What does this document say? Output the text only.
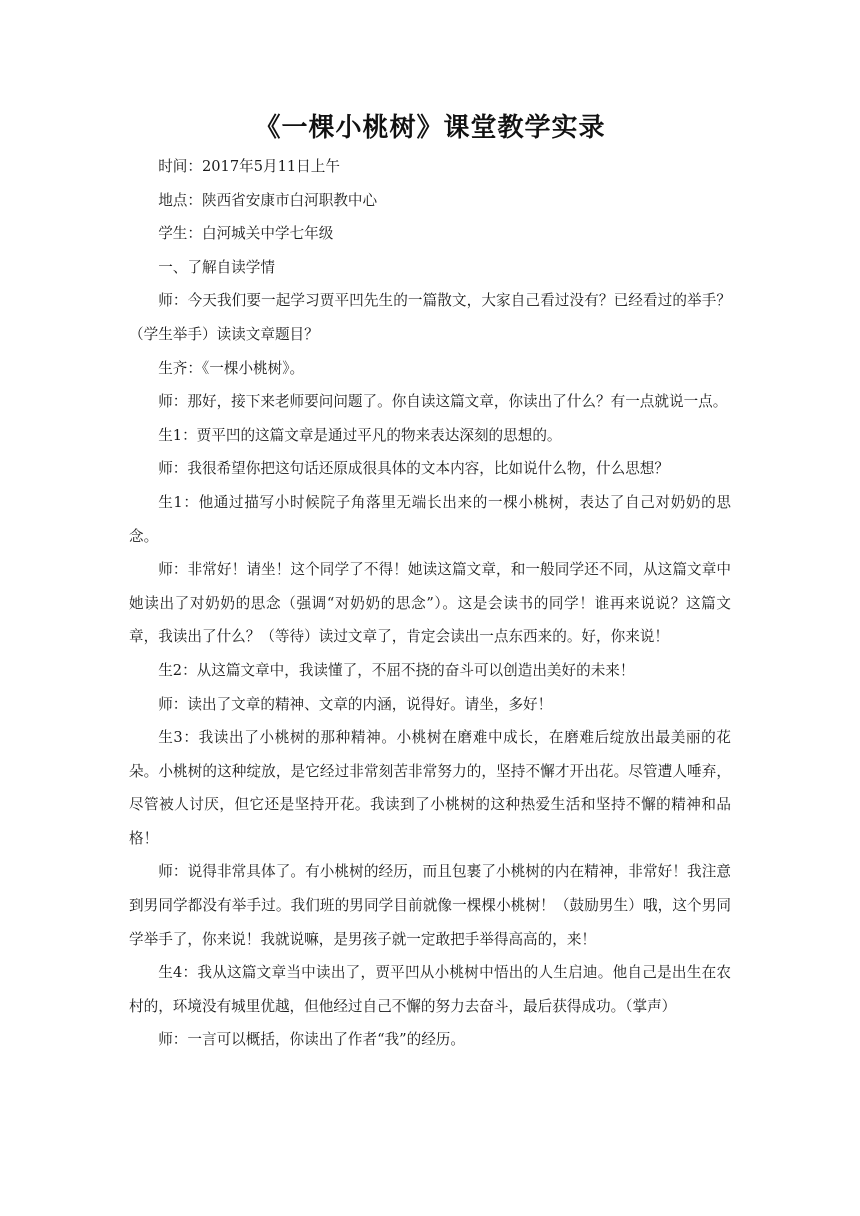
《一棵小桃树》课堂教学实录

时间：2017年5月11日上午

地点：陕西省安康市白河职教中心

学生：白河城关中学七年级

一、了解自读学情

师：今天我们要一起学习贾平凹先生的一篇散文，大家自己看过没有？已经看过的举手？（学生举手）读读文章题目？

生齐：《一棵小桃树》。

师：那好，接下来老师要问问题了。你自读这篇文章，你读出了什么？有一点就说一点。

生1：贾平凹的这篇文章是通过平凡的物来表达深刻的思想的。

师：我很希望你把这句话还原成很具体的文本内容，比如说什么物，什么思想？

生1：他通过描写小时候院子角落里无端长出来的一棵小桃树，表达了自己对奶奶的思念。

师：非常好！请坐！这个同学了不得！她读这篇文章，和一般同学还不同，从这篇文章中她读出了对奶奶的思念（强调“对奶奶的思念”）。这是会读书的同学！谁再来说说？这篇文章，我读出了什么？（等待）读过文章了，肯定会读出一点东西来的。好，你来说！

生2：从这篇文章中，我读懂了，不屈不挠的奋斗可以创造出美好的未来！

师：读出了文章的精神、文章的内涵，说得好。请坐，多好！

生3：我读出了小桃树的那种精神。小桃树在磨难中成长，在磨难后绽放出最美丽的花朵。小桃树的这种绽放，是它经过非常刻苦非常努力的，坚持不懈才开出花。尽管遭人唾弃，尽管被人讨厌，但它还是坚持开花。我读到了小桃树的这种热爱生活和坚持不懈的精神和品格！

师：说得非常具体了。有小桃树的经历，而且包裹了小桃树的内在精神，非常好！我注意到男同学都没有举手过。我们班的男同学目前就像一棵棵小桃树！（鼓励男生）哦，这个男同学举手了，你来说！我就说嘛，是男孩子就一定敢把手举得高高的，来！

生4：我从这篇文章当中读出了，贾平凹从小桃树中悟出的人生启迪。他自己是出生在农村的，环境没有城里优越，但他经过自己不懈的努力去奋斗，最后获得成功。（掌声）

师：一言可以概括，你读出了作者“我”的经历。
